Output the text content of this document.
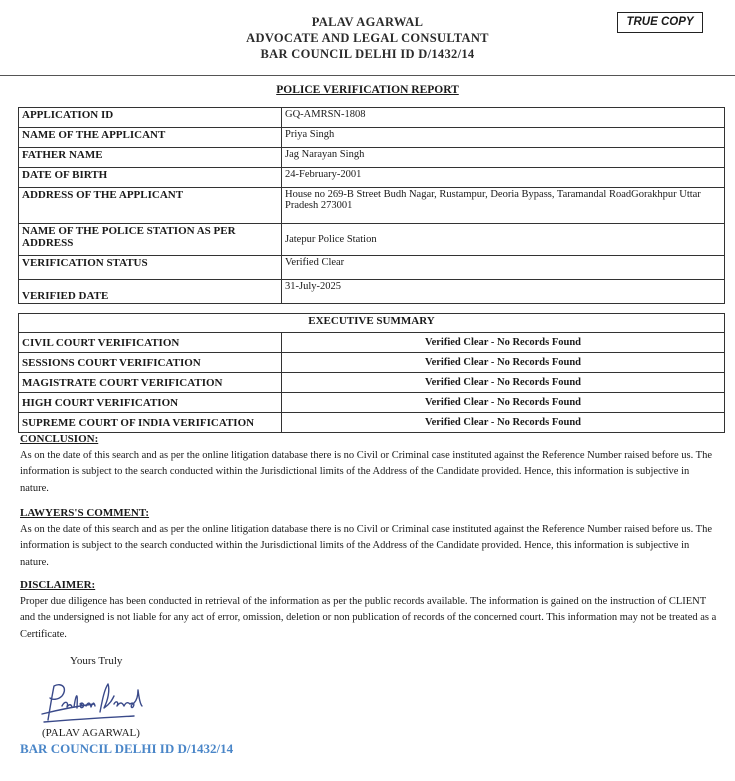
PALAV AGARWAL
ADVOCATE AND LEGAL CONSULTANT
BAR COUNCIL DELHI ID D/1432/14
TRUE COPY
POLICE VERIFICATION REPORT
APPLICATION ID	GQ-AMRSN-1808
NAME OF THE APPLICANT	Priya Singh
FATHER NAME	Jag Narayan Singh
DATE OF BIRTH	24-February-2001
ADDRESS OF THE APPLICANT	House no 269-B Street Budh Nagar, Rustampur, Deoria Bypass, Taramandal RoadGorakhpur Uttar Pradesh 273001
NAME OF THE POLICE STATION AS PER ADDRESS	Jatepur Police Station
VERIFICATION STATUS	Verified Clear
VERIFIED DATE	31-July-2025
EXECUTIVE SUMMARY	
CIVIL COURT VERIFICATION	Verified Clear - No Records Found
SESSIONS COURT VERIFICATION	Verified Clear - No Records Found
MAGISTRATE COURT VERIFICATION	Verified Clear - No Records Found
HIGH COURT VERIFICATION	Verified Clear - No Records Found
SUPREME COURT OF INDIA VERIFICATION	Verified Clear - No Records Found
CONCLUSION:
As on the date of this search and as per the online litigation database there is no Civil or Criminal case instituted against the Reference Number raised before us. The information is subject to the search conducted within the Jurisdictional limits of the Address of the Candidate provided. Hence, this information is subjective in nature.
LAWYERS'S COMMENT:
As on the date of this search and as per the online litigation database there is no Civil or Criminal case instituted against the Reference Number raised before us. The information is subject to the search conducted within the Jurisdictional limits of the Address of the Candidate provided. Hence, this information is subjective in nature.
DISCLAIMER:
Proper due diligence has been conducted in retrieval of the information as per the public records available. The information is gained on the instruction of CLIENT and the undersigned is not liable for any act of error, omission, deletion or non publication of records of the concerned court. This information may not be treated as a Certificate.
Yours Truly
(PALAV AGARWAL)
BAR COUNCIL DELHI ID D/1432/14
